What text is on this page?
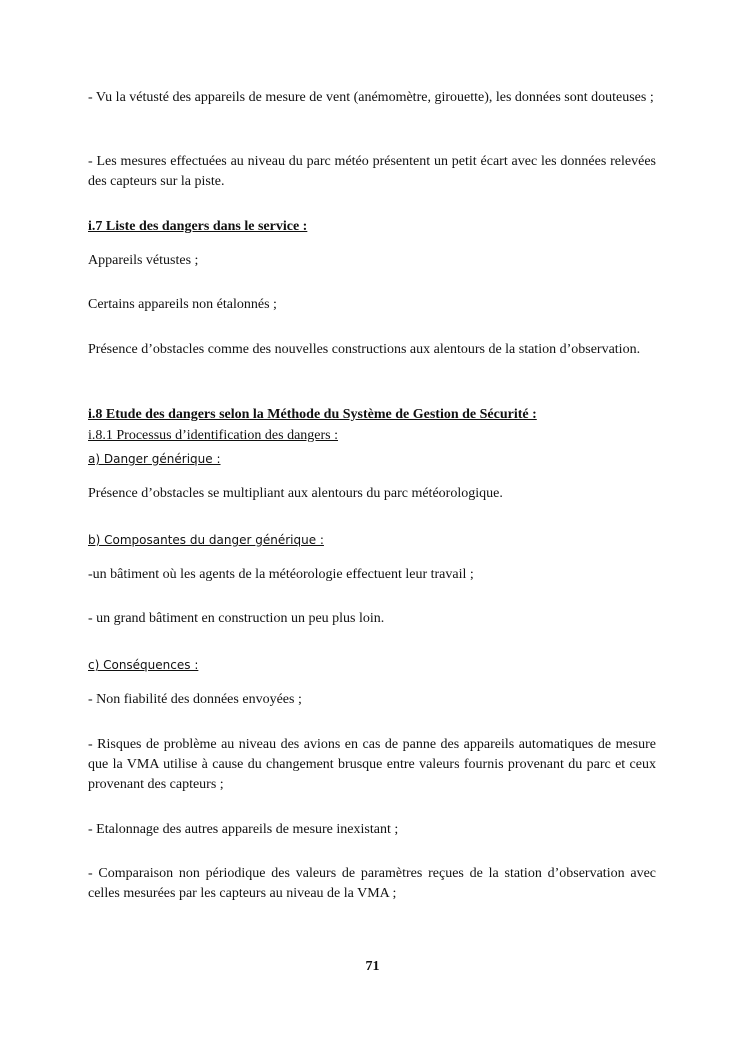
- Vu la vétusté des appareils de mesure de vent (anémomètre, girouette), les données sont douteuses ;

- Les mesures effectuées au niveau du parc météo présentent un petit écart avec les données relevées des capteurs sur la piste.

i.7 Liste des dangers dans le service :

Appareils vétustes ;

Certains appareils non étalonnés ;

Présence d’obstacles comme des nouvelles constructions aux alentours de la station d’observation.

i.8 Etude des dangers selon la Méthode du Système de Gestion de Sécurité :

i.8.1 Processus d’identification des dangers :

a) Danger générique :

Présence d’obstacles se multipliant aux alentours du parc météorologique.

b) Composantes du danger générique :

-un bâtiment où les agents de la météorologie effectuent leur travail ;

- un grand bâtiment en construction un peu plus loin.

c) Conséquences :

- Non fiabilité des données envoyées ;

- Risques de problème au niveau des avions en cas de panne des appareils automatiques de mesure que la VMA utilise à cause du changement brusque entre valeurs fournis provenant du parc et ceux provenant des capteurs ;

- Etalonnage des autres appareils de mesure inexistant ;

- Comparaison non périodique des valeurs de paramètres reçues de la station d’observation avec celles mesurées par les capteurs au niveau de la VMA ;

71
